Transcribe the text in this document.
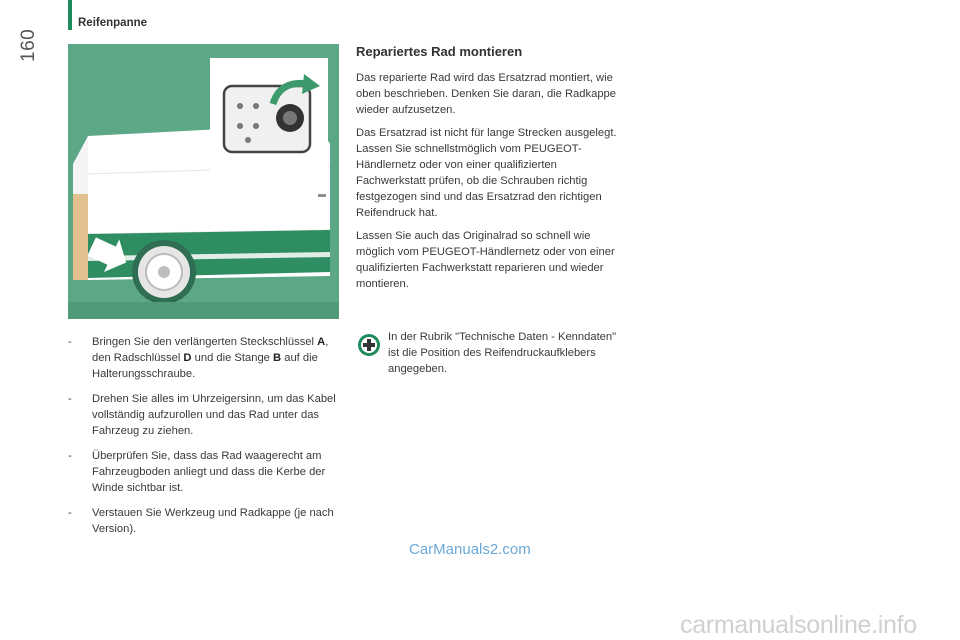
160
Reifenpanne
- Bringen Sie den verlängerten Steckschlüssel A, den Radschlüssel D und die Stange B auf die Halterungsschraube.
- Drehen Sie alles im Uhrzeigersinn, um das Kabel vollständig aufzurollen und das Rad unter das Fahrzeug zu ziehen.
- Überprüfen Sie, dass das Rad waagerecht am Fahrzeugboden anliegt und dass die Kerbe der Winde sichtbar ist.
- Verstauen Sie Werkzeug und Radkappe (je nach Version).
Repariertes Rad montieren

Das reparierte Rad wird das Ersatzrad montiert, wie oben beschrieben. Denken Sie daran, die Radkappe wieder aufzusetzen.

Das Ersatzrad ist nicht für lange Strecken ausgelegt. Lassen Sie schnellstmöglich vom PEUGEOT-Händlernetz oder von einer qualifizierten Fachwerkstatt prüfen, ob die Schrauben richtig festgezogen sind und das Ersatzrad den richtigen Reifendruck hat.

Lassen Sie auch das Originalrad so schnell wie möglich vom PEUGEOT-Händlernetz oder von einer qualifizierten Fachwerkstatt reparieren und wieder montieren.

In der Rubrik "Technische Daten - Kenndaten" ist die Position des Reifendruckaufklebers angegeben.

CarManuals2.com
carmanualsonline.info
